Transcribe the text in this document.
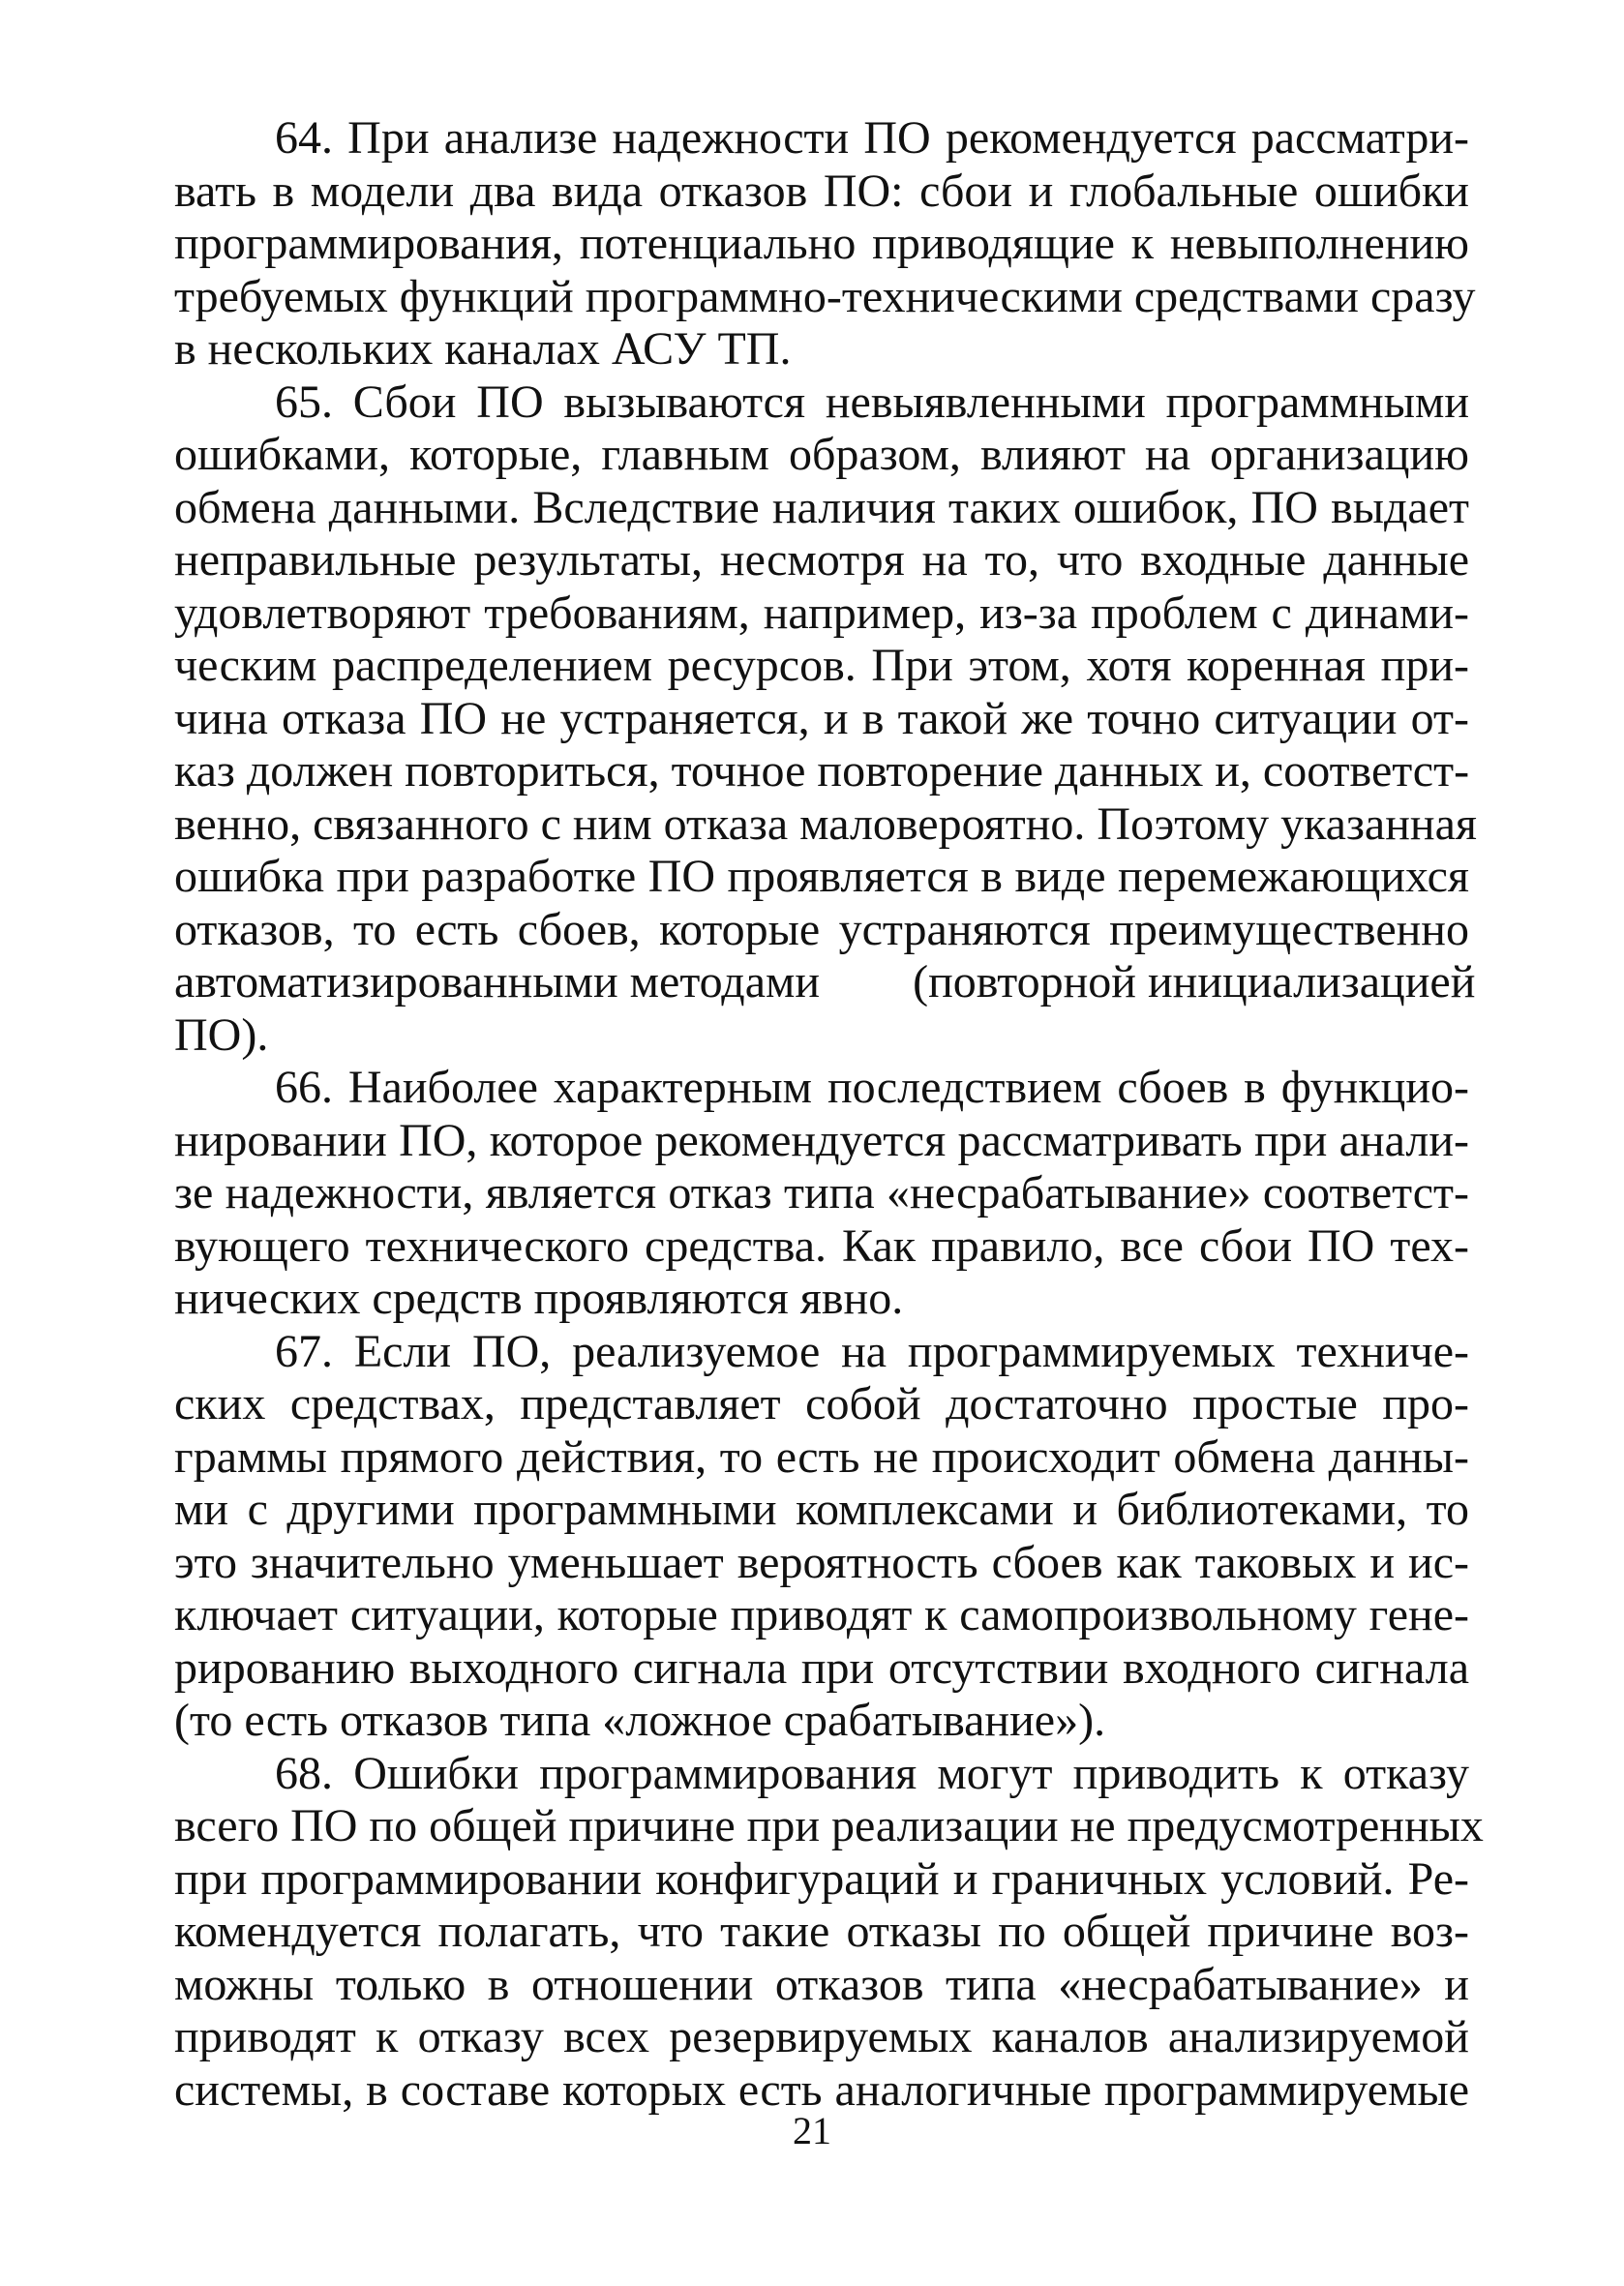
64. При анализе надежности ПО рекомендуется рассматри-
вать в модели два вида отказов ПО: сбои и глобальные ошибки
программирования, потенциально приводящие к невыполнению
требуемых функций программно-техническими средствами сразу
в нескольких каналах АСУ ТП.
65. Сбои ПО вызываются невыявленными программными
ошибками, которые, главным образом, влияют на организацию
обмена данными. Вследствие наличия таких ошибок, ПО выдает
неправильные результаты, несмотря на то, что входные данные
удовлетворяют требованиям, например, из-за проблем с динами-
ческим распределением ресурсов. При этом, хотя коренная при-
чина отказа ПО не устраняется, и в такой же точно ситуации от-
каз должен повториться, точное повторение данных и, соответст-
венно, связанного с ним отказа маловероятно. Поэтому указанная
ошибка при разработке ПО проявляется в виде перемежающихся
отказов, то есть сбоев, которые устраняются преимущественно
автоматизированными методами        (повторной инициализацией
ПО).
66. Наиболее характерным последствием сбоев в функцио-
нировании ПО, которое рекомендуется рассматривать при анали-
зе надежности, является отказ типа «несрабатывание» соответст-
вующего технического средства. Как правило, все сбои ПО тех-
нических средств проявляются явно.
67. Если ПО, реализуемое на программируемых техниче-
ских средствах, представляет собой достаточно простые про-
граммы прямого действия, то есть не происходит обмена данны-
ми с другими программными комплексами и библиотеками, то
это значительно уменьшает вероятность сбоев как таковых и ис-
ключает ситуации, которые приводят к самопроизвольному гене-
рированию выходного сигнала при отсутствии входного сигнала
(то есть отказов типа «ложное срабатывание»).
68. Ошибки программирования могут приводить к отказу
всего ПО по общей причине при реализации не предусмотренных
при программировании конфигураций и граничных условий. Ре-
комендуется полагать, что такие отказы по общей причине воз-
можны только в отношении отказов типа «несрабатывание» и
приводят к отказу всех резервируемых каналов анализируемой
системы, в составе которых есть аналогичные программируемые
21
